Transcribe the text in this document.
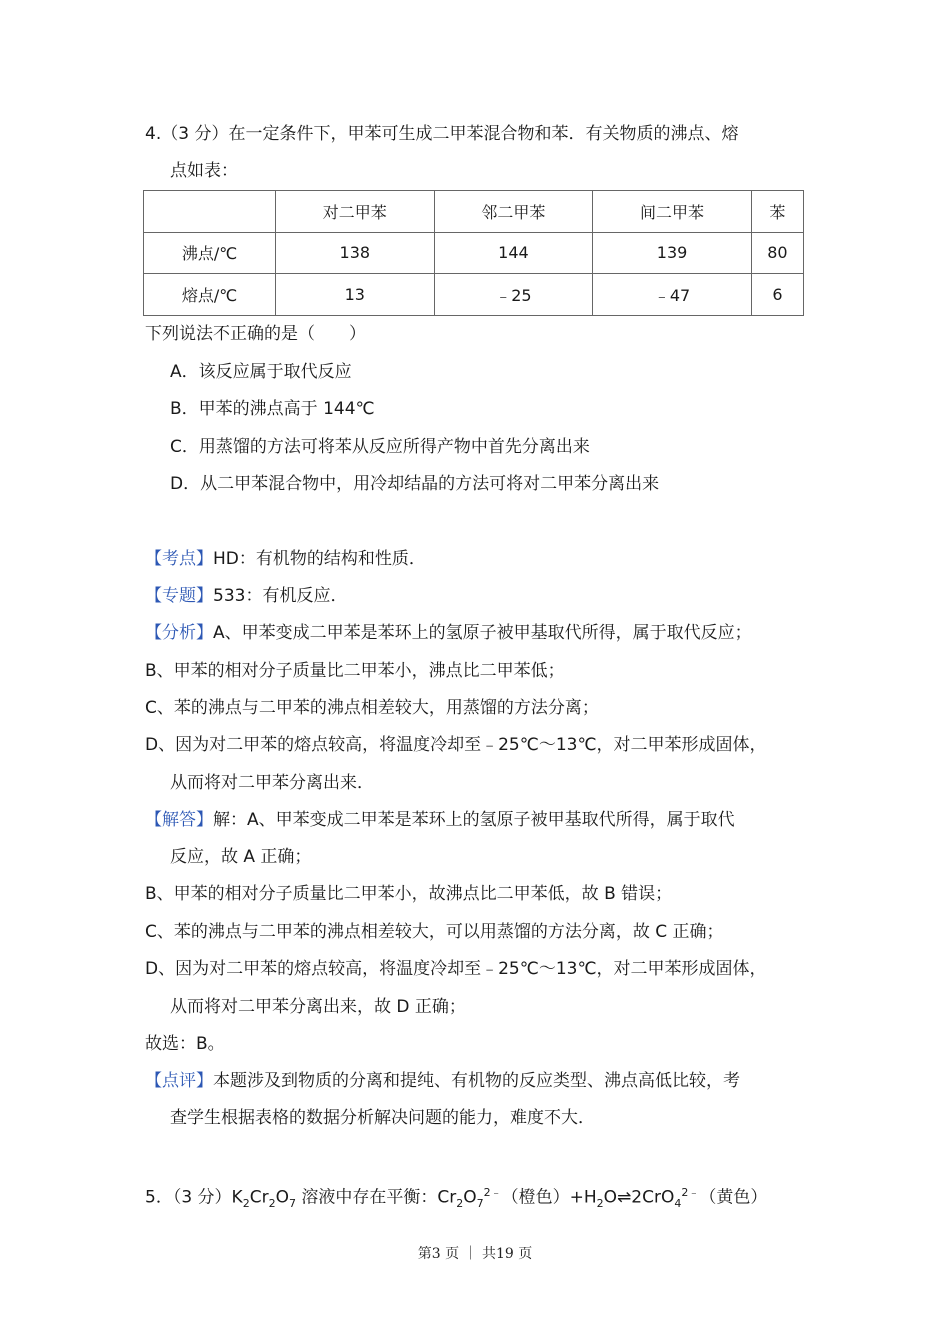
4.（3 分）在一定条件下，甲苯可生成二甲苯混合物和苯．有关物质的沸点、熔
点如表：
	对二甲苯	邻二甲苯	间二甲苯	苯
沸点/℃	138	144	139	80
熔点/℃	13	﹣25	﹣47	6
下列说法不正确的是（　　）
A．该反应属于取代反应
B．甲苯的沸点高于 144℃
C．用蒸馏的方法可将苯从反应所得产物中首先分离出来
D．从二甲苯混合物中，用冷却结晶的方法可将对二甲苯分离出来
【考点】HD：有机物的结构和性质．
【专题】533：有机反应．
【分析】A、甲苯变成二甲苯是苯环上的氢原子被甲基取代所得，属于取代反应；
B、甲苯的相对分子质量比二甲苯小，沸点比二甲苯低；
C、苯的沸点与二甲苯的沸点相差较大，用蒸馏的方法分离；
D、因为对二甲苯的熔点较高，将温度冷却至﹣25℃～13℃，对二甲苯形成固体，
从而将对二甲苯分离出来．
【解答】解：A、甲苯变成二甲苯是苯环上的氢原子被甲基取代所得，属于取代
反应，故 A 正确；
B、甲苯的相对分子质量比二甲苯小，故沸点比二甲苯低，故 B 错误；
C、苯的沸点与二甲苯的沸点相差较大，可以用蒸馏的方法分离，故 C 正确；
D、因为对二甲苯的熔点较高，将温度冷却至﹣25℃～13℃，对二甲苯形成固体，
从而将对二甲苯分离出来，故 D 正确；
故选：B。
【点评】本题涉及到物质的分离和提纯、有机物的反应类型、沸点高低比较，考
查学生根据表格的数据分析解决问题的能力，难度不大．
5．（3 分）$K_2Cr_2O_7$ 溶液中存在平衡：$Cr_2O_7^{2﹣}$（橙色）$+H_2O\rightleftharpoons 2CrO_4^{2﹣}$（黄色）
第3 页 ｜ 共19 页
